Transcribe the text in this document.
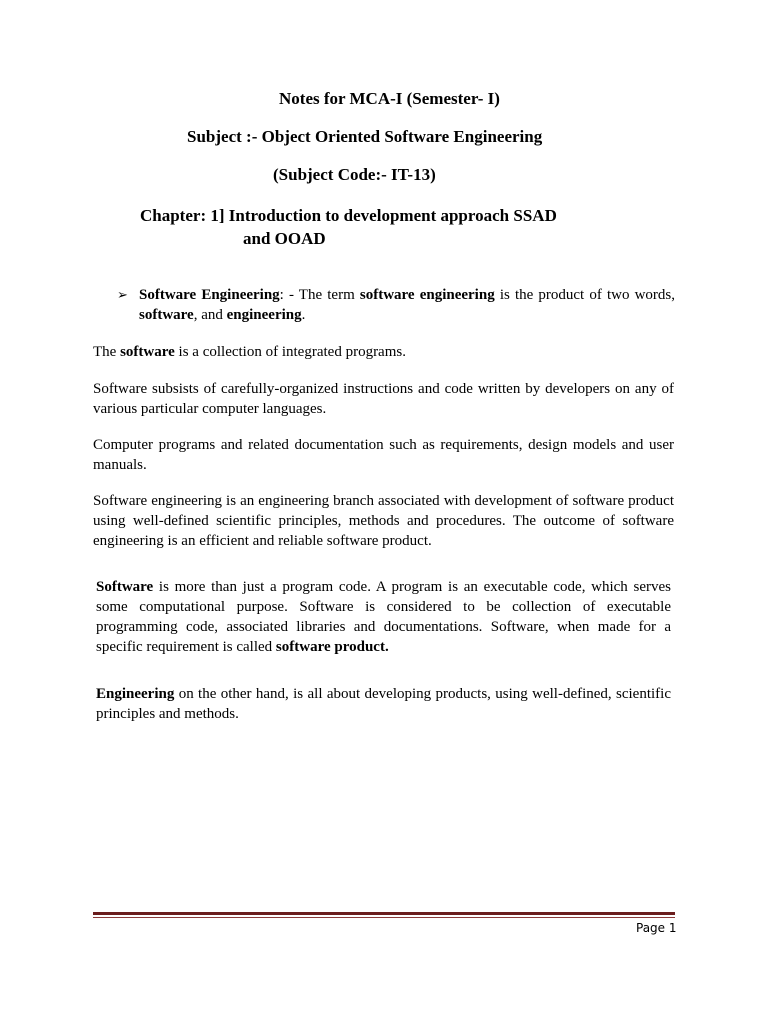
Notes for MCA-I (Semester- I)
Subject :- Object Oriented Software Engineering
(Subject Code:- IT-13)
Chapter: 1] Introduction to development approach SSAD
and OOAD
➢ Software Engineering: - The term software engineering is the product of two words, software, and engineering.
The software is a collection of integrated programs.
Software subsists of carefully-organized instructions and code written by developers on any of various particular computer languages.
Computer programs and related documentation such as requirements, design models and user manuals.
Software engineering is an engineering branch associated with development of software product using well-defined scientific principles, methods and procedures. The outcome of software engineering is an efficient and reliable software product.
Software is more than just a program code. A program is an executable code, which serves some computational purpose. Software is considered to be collection of executable programming code, associated libraries and documentations. Software, when made for a specific requirement is called software product.
Engineering on the other hand, is all about developing products, using well-defined, scientific principles and methods.
Page 1
